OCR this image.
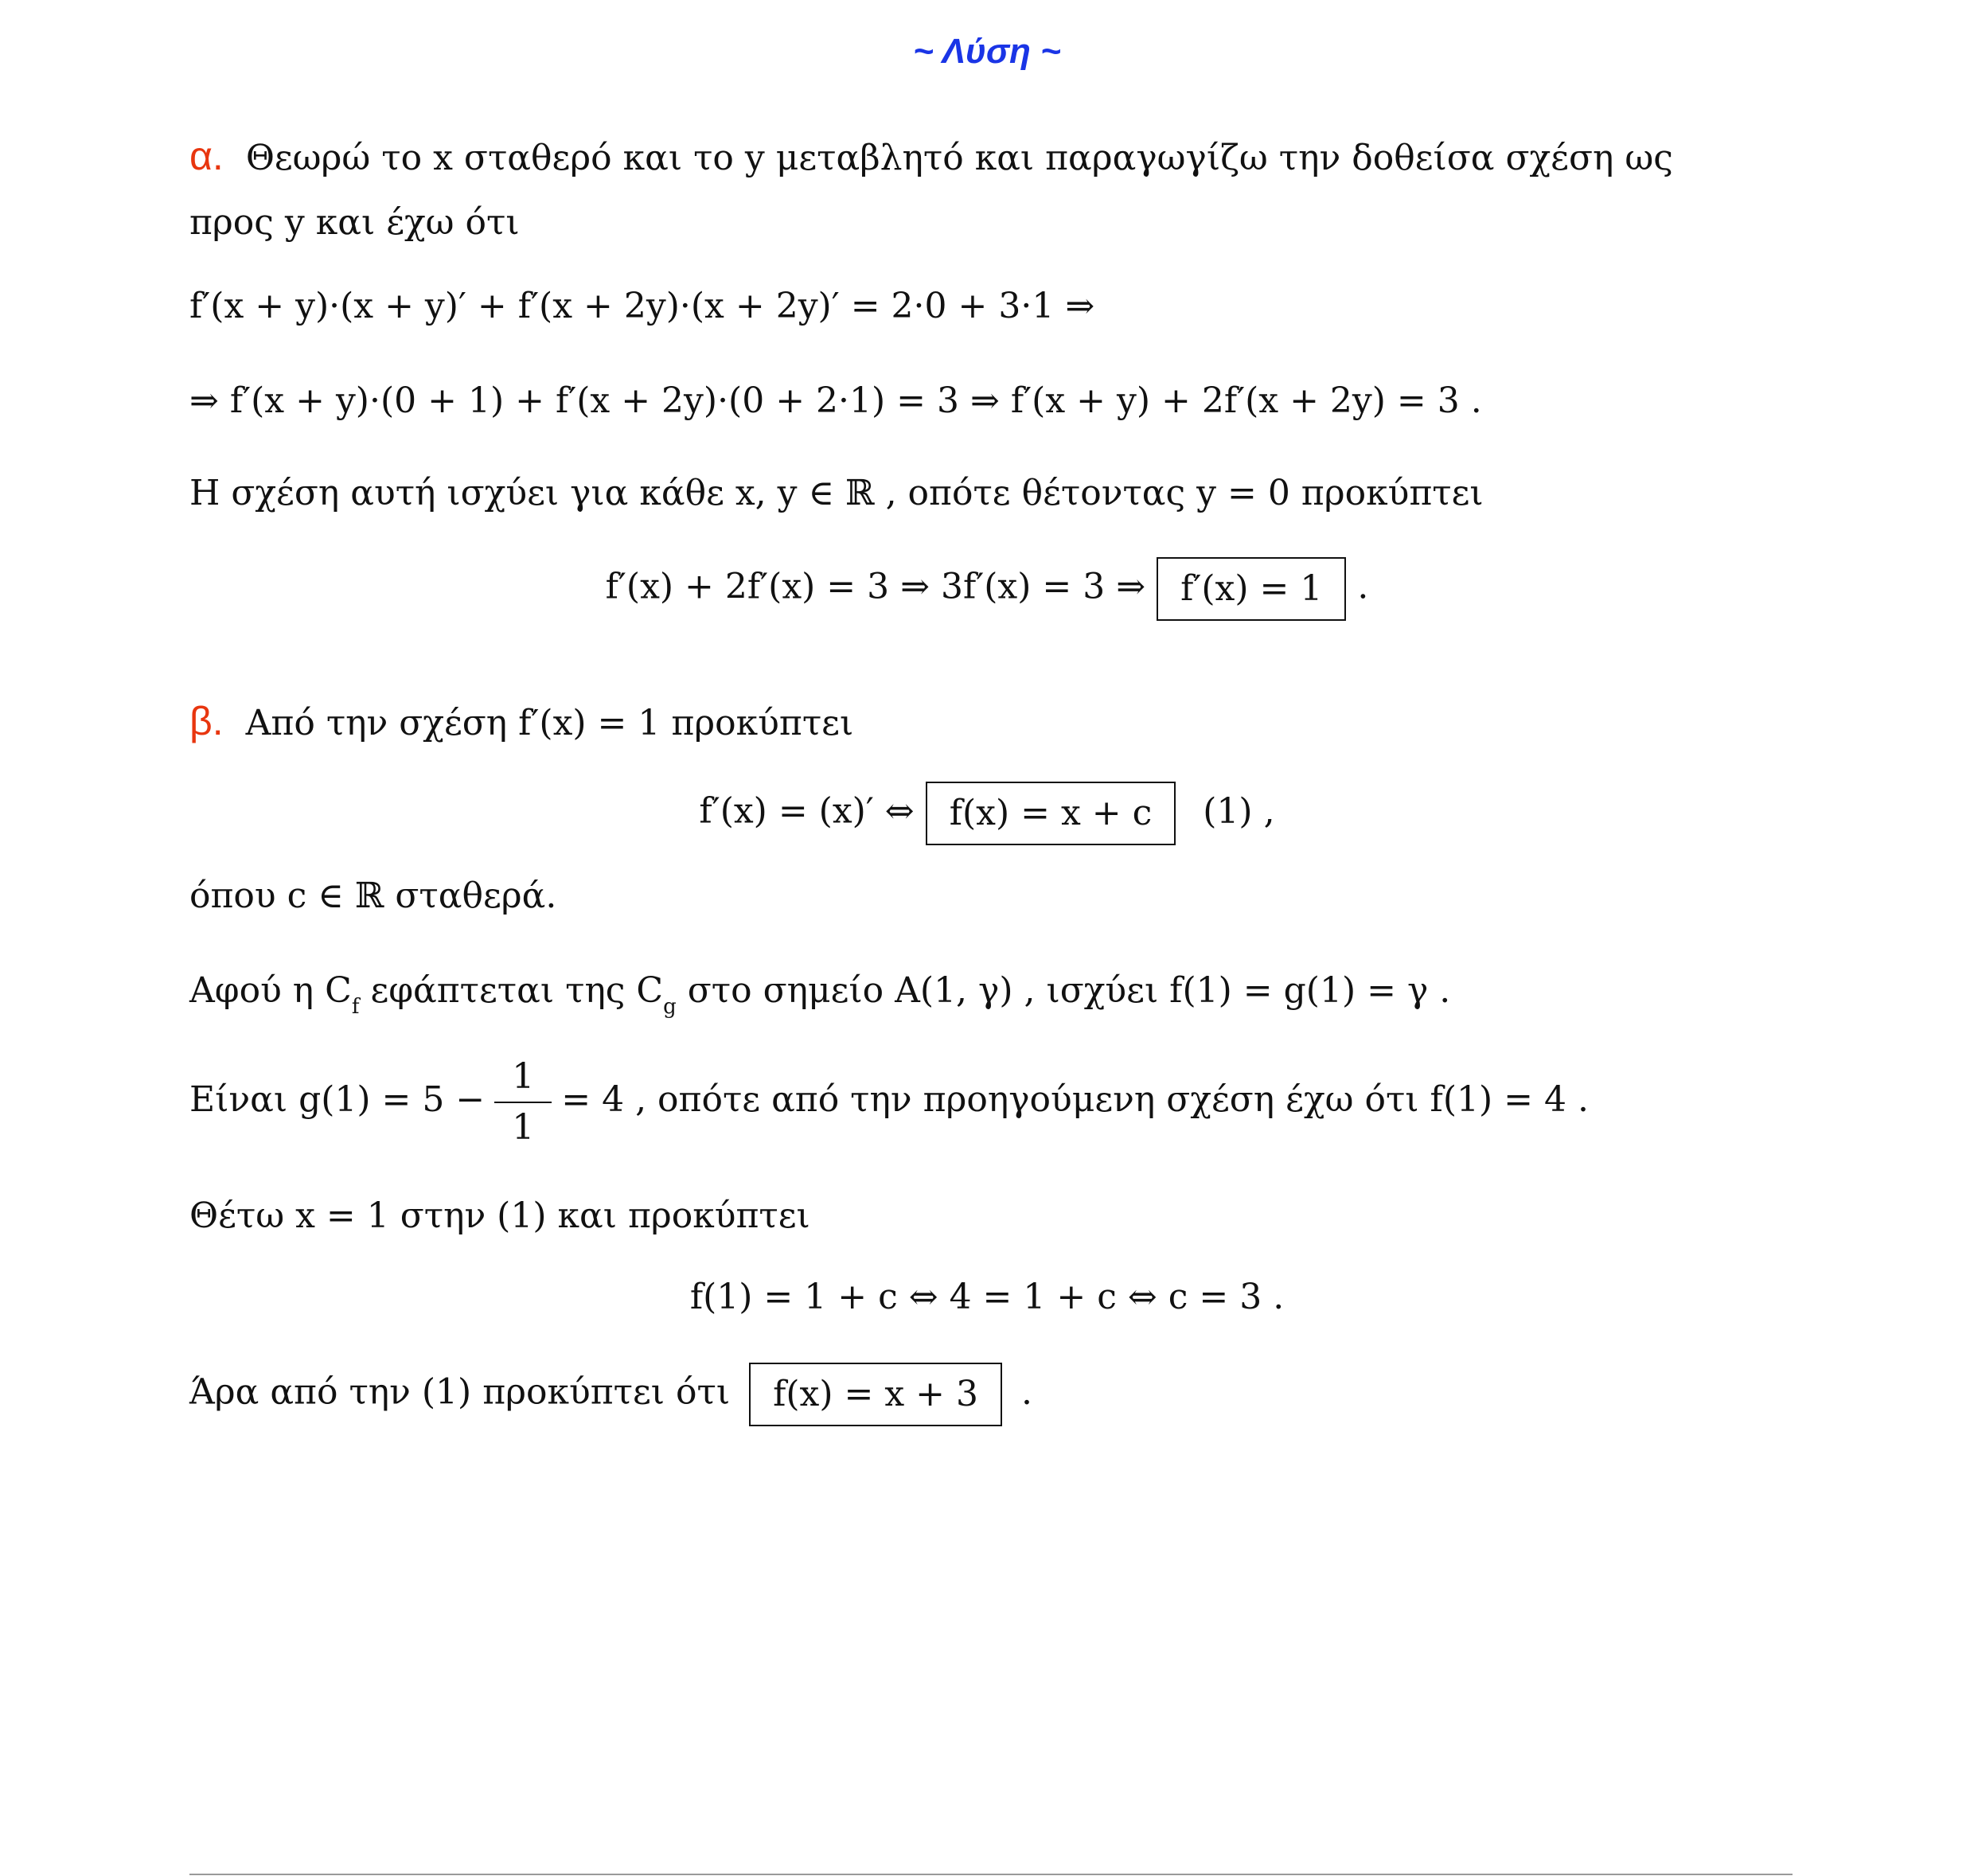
~ Λύση ~
α. Θεωρώ το x σταθερό και το y μεταβλητό και παραγωγίζω την δοθείσα σχέση ως
προς y και έχω ότι
f′(x + y)·(x + y)′ + f′(x + 2y)·(x + 2y)′ = 2·0 + 3·1 ⇒
⇒ f′(x + y)·(0 + 1) + f′(x + 2y)·(0 + 2·1) = 3 ⇒ f′(x + y) + 2f′(x + 2y) = 3 .
Η σχέση αυτή ισχύει για κάθε x, y ∈ ℝ , οπότε θέτοντας y = 0 προκύπτει
f′(x) + 2f′(x) = 3 ⇒ 3f′(x) = 3 ⇒ f′(x) = 1 .
β. Από την σχέση f′(x) = 1 προκύπτει
f′(x) = (x)′ ⇔ f(x) = x + c (1) ,
όπου c ∈ ℝ σταθερά.
Αφού η $C_f$ εφάπτεται της $C_g$ στο σημείο A(1, γ) , ισχύει f(1) = g(1) = γ .
Είναι $g(1) = 5 - \frac{1}{1} = 4$ , οπότε από την προηγούμενη σχέση έχω ότι f(1) = 4 .
Θέτω x = 1 στην (1) και προκύπτει
f(1) = 1 + c ⇔ 4 = 1 + c ⇔ c = 3 .
Άρα από την (1) προκύπτει ότι f(x) = x + 3 .
